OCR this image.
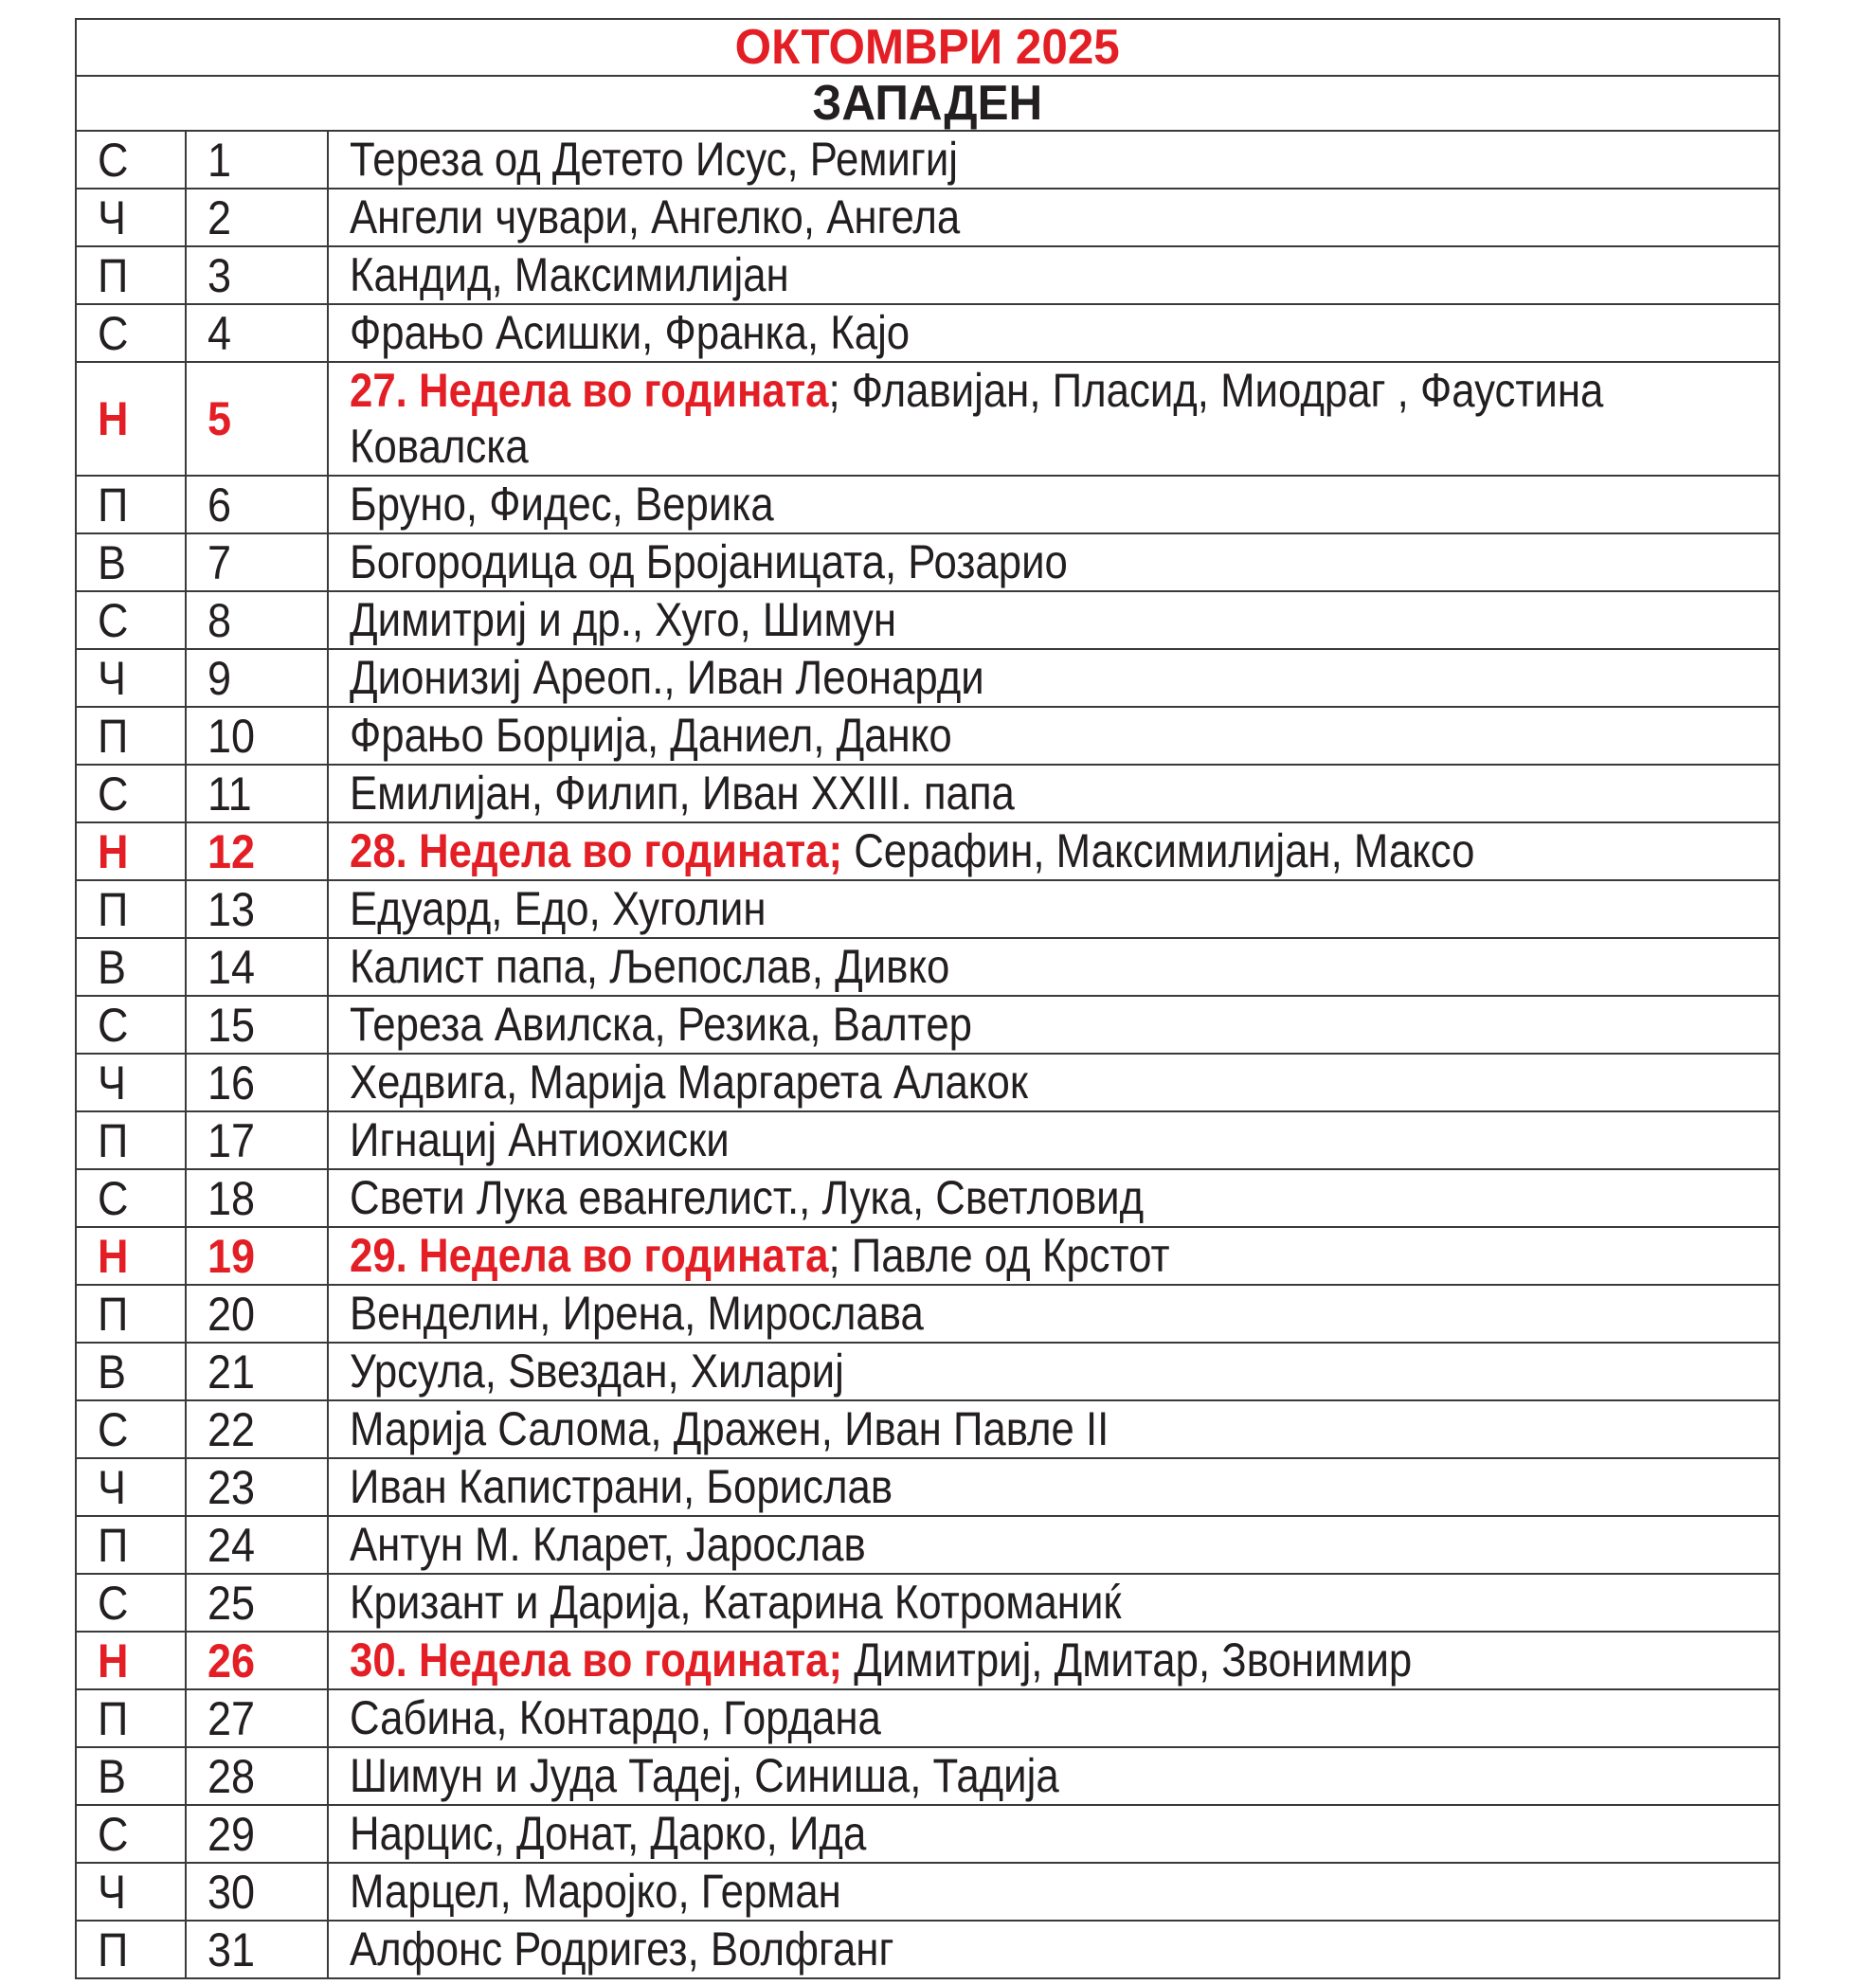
ОКТОМВРИ 2025		
ЗАПАДЕН		
С	1	Тереза од Детето Исус, Ремигиј

Ч	2	Ангели чувари, Ангелко, Ангела

П	3	Кандид, Максимилијан

С	4	Фрањо Асишки, Франка, Кајо

Н	5	27. Недела во годината; Флавијан, Пласид, Миодраг , Фаустина Ковалска

П	6	Бруно, Фидес, Верика

В	7	Богородица од Бројаницата, Розарио

С	8	Димитриј и др., Хуго, Шимун

Ч	9	Дионизиј Ареоп., Иван Леонарди

П	10	Фрањо Борџија, Даниел, Данко

С	11	Емилијан, Филип, Иван XXIII. папа

Н	12	28. Недела во годината; Серафин, Максимилијан, Максо

П	13	Едуард, Едо, Хуголин

В	14	Калист папа, Љепослав, Дивко

С	15	Тереза Авилска, Резика, Валтер

Ч	16	Хедвига, Марија Маргарета Алакок

П	17	Игнациј Антиохиски

С	18	Свети Лука евангелист., Лука, Светловид

Н	19	29. Недела во годината; Павле од Крстот

П	20	Венделин, Ирена, Мирослава

В	21	Урсула, Ѕвездан, Хилариј

С	22	Марија Салома, Дражен, Иван Павле II

Ч	23	Иван Капистрани, Борислав

П	24	Антун М. Кларет, Јарослав

С	25	Кризант и Дарија, Катарина Котроманиќ

Н	26	30. Недела во годината; Димитриј, Дмитар, Звонимир

П	27	Сабина, Контардо, Гордана

В	28	Шимун и Јуда Тадеј, Синиша, Тадија

С	29	Нарцис, Донат, Дарко, Ида

Ч	30	Марцел, Маројко, Герман

П	31	Алфонс Родригез, Волфганг
